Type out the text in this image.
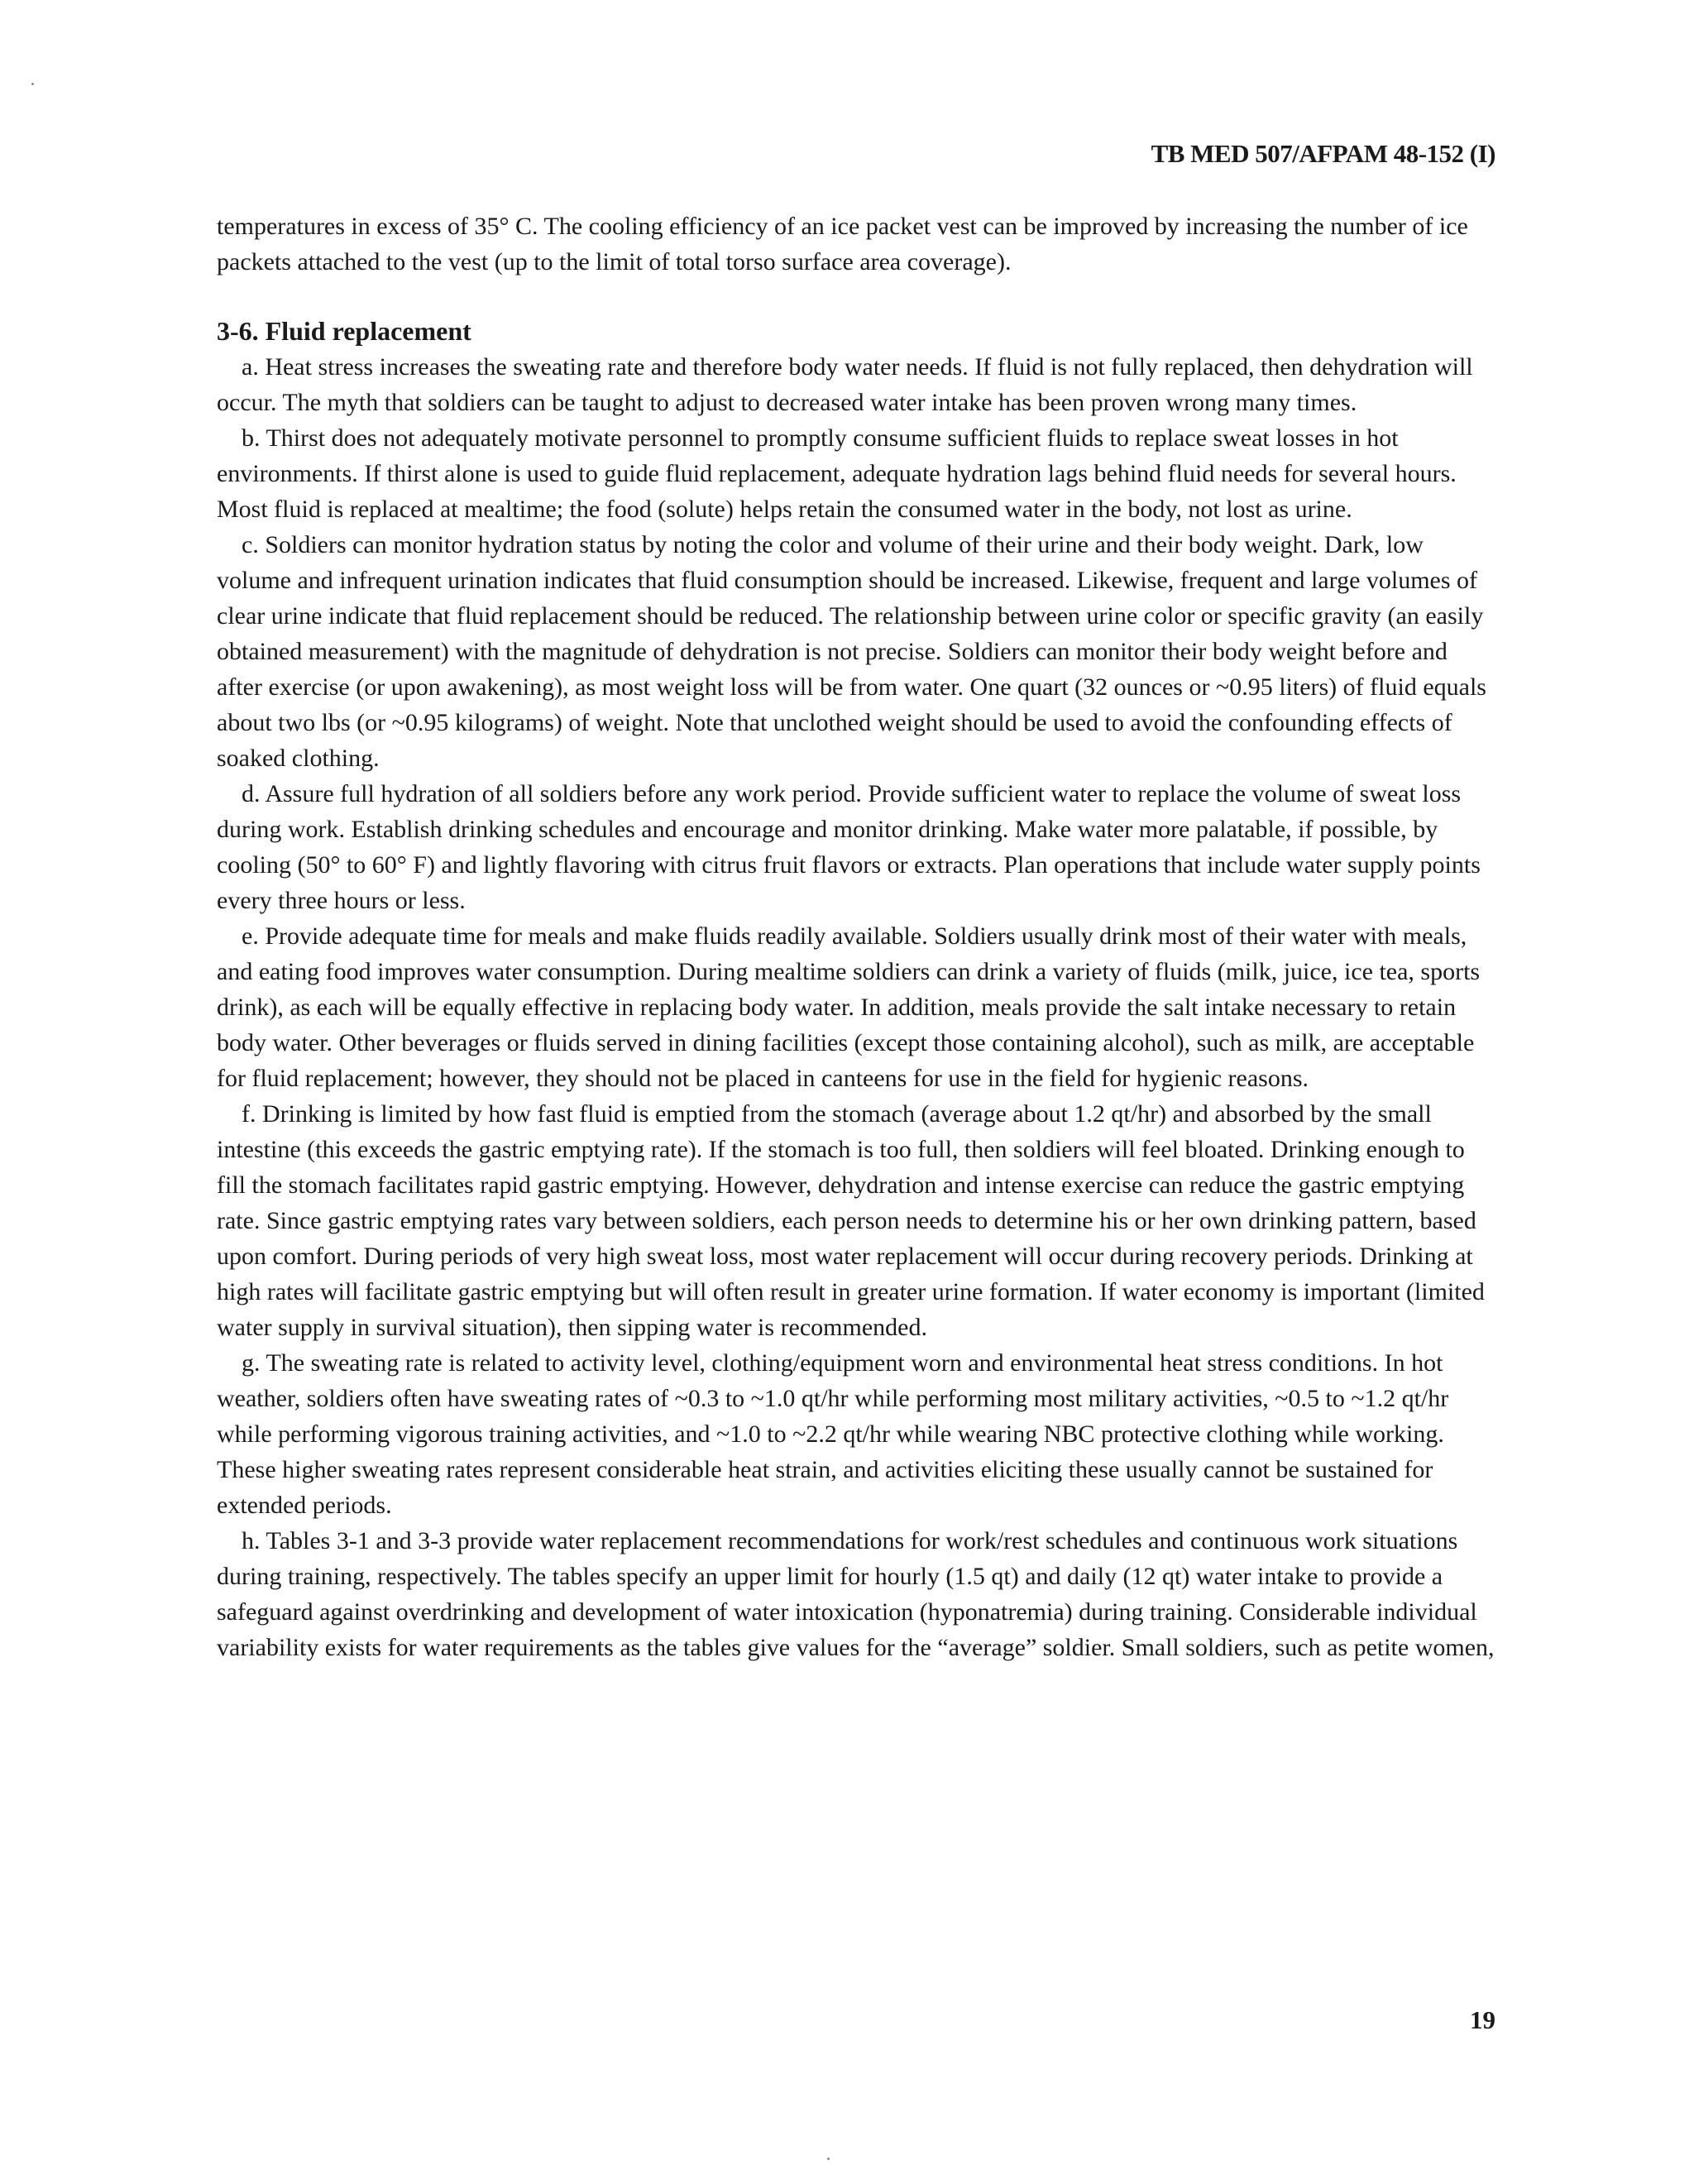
TB MED 507/AFPAM 48-152 (I)

temperatures in excess of 35° C. The cooling efficiency of an ice packet vest can be improved by increasing the number of ice packets attached to the vest (up to the limit of total torso surface area coverage).

3-6. Fluid replacement

a. Heat stress increases the sweating rate and therefore body water needs. If fluid is not fully replaced, then dehydration will occur. The myth that soldiers can be taught to adjust to decreased water intake has been proven wrong many times.

b. Thirst does not adequately motivate personnel to promptly consume sufficient fluids to replace sweat losses in hot environments. If thirst alone is used to guide fluid replacement, adequate hydration lags behind fluid needs for several hours. Most fluid is replaced at mealtime; the food (solute) helps retain the consumed water in the body, not lost as urine.

c. Soldiers can monitor hydration status by noting the color and volume of their urine and their body weight. Dark, low volume and infrequent urination indicates that fluid consumption should be increased. Likewise, frequent and large volumes of clear urine indicate that fluid replacement should be reduced. The relationship between urine color or specific gravity (an easily obtained measurement) with the magnitude of dehydration is not precise. Soldiers can monitor their body weight before and after exercise (or upon awakening), as most weight loss will be from water. One quart (32 ounces or ~0.95 liters) of fluid equals about two lbs (or ~0.95 kilograms) of weight. Note that unclothed weight should be used to avoid the confounding effects of soaked clothing.

d. Assure full hydration of all soldiers before any work period. Provide sufficient water to replace the volume of sweat loss during work. Establish drinking schedules and encourage and monitor drinking. Make water more palatable, if possible, by cooling (50° to 60° F) and lightly flavoring with citrus fruit flavors or extracts. Plan operations that include water supply points every three hours or less.

e. Provide adequate time for meals and make fluids readily available. Soldiers usually drink most of their water with meals, and eating food improves water consumption. During mealtime soldiers can drink a variety of fluids (milk, juice, ice tea, sports drink), as each will be equally effective in replacing body water. In addition, meals provide the salt intake necessary to retain body water. Other beverages or fluids served in dining facilities (except those containing alcohol), such as milk, are acceptable for fluid replacement; however, they should not be placed in canteens for use in the field for hygienic reasons.

f. Drinking is limited by how fast fluid is emptied from the stomach (average about 1.2 qt/hr) and absorbed by the small intestine (this exceeds the gastric emptying rate). If the stomach is too full, then soldiers will feel bloated. Drinking enough to fill the stomach facilitates rapid gastric emptying. However, dehydration and intense exercise can reduce the gastric emptying rate. Since gastric emptying rates vary between soldiers, each person needs to determine his or her own drinking pattern, based upon comfort. During periods of very high sweat loss, most water replacement will occur during recovery periods. Drinking at high rates will facilitate gastric emptying but will often result in greater urine formation. If water economy is important (limited water supply in survival situation), then sipping water is recommended.

g. The sweating rate is related to activity level, clothing/equipment worn and environmental heat stress conditions. In hot weather, soldiers often have sweating rates of ~0.3 to ~1.0 qt/hr while performing most military activities, ~0.5 to ~1.2 qt/hr while performing vigorous training activities, and ~1.0 to ~2.2 qt/hr while wearing NBC protective clothing while working. These higher sweating rates represent considerable heat strain, and activities eliciting these usually cannot be sustained for extended periods.

h. Tables 3-1 and 3-3 provide water replacement recommendations for work/rest schedules and continuous work situations during training, respectively. The tables specify an upper limit for hourly (1.5 qt) and daily (12 qt) water intake to provide a safeguard against overdrinking and development of water intoxication (hyponatremia) during training. Considerable individual variability exists for water requirements as the tables give values for the “average” soldier. Small soldiers, such as petite women,

19
